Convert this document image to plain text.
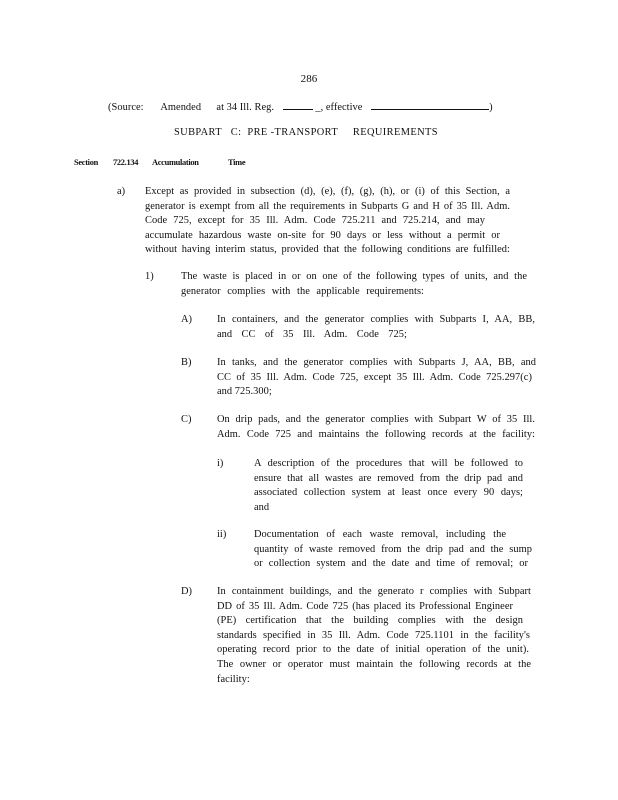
286
(Source: Amended at 34 Ill. Reg.	_, effective	)
SUBPART   C:  PRE -TRANSPORT     REQUIREMENTS
Section 722.134 Accumulation	Time
a) Except as provided in subsection (d), (e), (f), (g), (h), or (i) of this Section, a
generator is exempt from all the requirements in Subparts G and H of 35 Ill. Adm.
Code 725, except for 35 Ill. Adm. Code 725.211 and 725.214, and may
accumulate hazardous waste on-site for 90 days or less without a permit or
without having interim status, provided that the following conditions are fulfilled:
1)	The waste is placed in or on one of the following types of units, and the
generator complies with the applicable requirements:
A) In containers, and the generator complies with Subparts I, AA, BB,
and CC of 35 Ill. Adm. Code 725;
B) In tanks, and the generator complies with Subparts J, AA, BB, and
CC of 35 Ill. Adm. Code 725, except 35 Ill. Adm. Code 725.297(c)
and 725.300;
C) On drip pads, and the generator complies with Subpart W of 35 Ill.
Adm. Code 725 and maintains the following records at the facility:
i)	A description of the procedures that will be followed to
ensure that all wastes are removed from the drip pad and
associated collection system at least once every 90 days;
and
ii)	Documentation of each waste removal, including the
quantity of waste removed from the drip pad and the sump
or collection system and the date and time of removal; or
D) In containment buildings, and the generato r complies with Subpart
DD of 35 Ill. Adm. Code 725 (has placed its Professional Engineer
(PE) certification that the building complies with the design
standards specified in 35 Ill. Adm. Code 725.1101 in the facility's
operating record prior to the date of initial operation of the unit).
The owner or operator must maintain the following records at the
facility:
